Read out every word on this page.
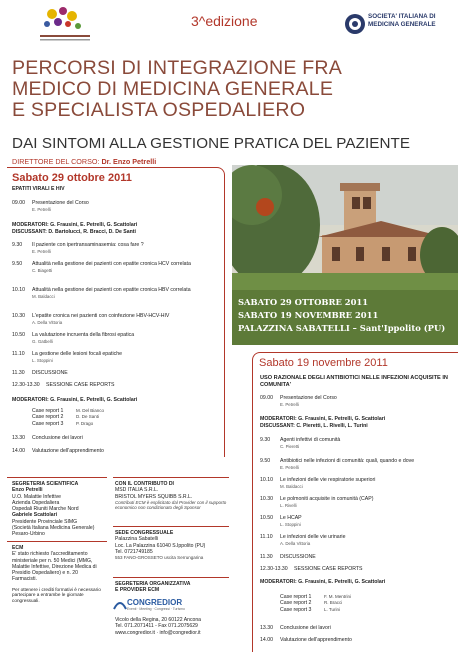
3^edizione	SOCIETA' ITALIANA DI MEDICINA GENERALE
PERCORSI DI INTEGRAZIONE FRA
MEDICO DI MEDICINA GENERALE
E SPECIALISTA OSPEDALIERO
DAI SINTOMI ALLA GESTIONE PRATICA DEL PAZIENTE
DIRETTORE DEL CORSO: Dr. Enzo Petrelli
Sabato 29 ottobre 2011
EPATITI VIRALI E HIV
09.00	Presentazione del Corso
E. Petrelli
MODERATORI: G. Frausini, E. Petrelli, G. Scattolari
DISCUSSANT: D. Bartolucci, R. Bracci, D. De Santi
9.30	Il paziente con ipertransaminasemia: cosa fare ?
E. Petrelli
9.50	Attualità nella gestione dei pazienti con epatite cronica HCV correlata
C. Biagetti
10.10	Attualità nella gestione dei pazienti con epatite cronica HBV correlata
M. Baldacci
10.30	L'epatite cronica nei pazienti con coinfezione HBV-HCV-HIV
A. Della Vittoria
10.50	La valutazione incruenta della fibrosi epatica
G. Gatbelli
11.10	La gestione delle lesioni focali epatiche
L. Stoppini
11.30	DISCUSSIONE
12.30-13.30	SESSIONE CASE REPORTS
MODERATORI: G. Frausini, E. Petrelli, G. Scattolari
Case report 1	M. Del Bianco
Case report 2	D. De Santi
Case report 3	P. Drago
13.30	Conclusione dei lavori
14.00	Valutazione dell'apprendimento
SABATO 29 OTTOBRE 2011
SABATO 19 NOVEMBRE 2011
PALAZZINA SABATELLI – Sant'Ippolito (PU)
Sabato 19 novembre 2011
USO RAZIONALE DEGLI ANTIBIOTICI NELLE INFEZIONI ACQUISITE IN COMUNITA'
09.00	Presentazione del Corso
E. Petrelli
MODERATORI: G. Frausini, E. Petrelli, G. Scattolari
DISCUSSANT: C. Pieretti, L. Rivelli, L. Turini
9.30	Agenti infettivi di comunità
C. Pieretti
9.50	Antibiotici nelle infezioni di comunità: quali, quando e dove
E. Petrelli
10.10	Le infezioni delle vie respiratorie superiori
M. Baldacci
10.30	Le polmoniti acquisite in comunità (CAP)
L. Rivelli
10.50	Le HCAP
L. Stoppini
11.10	Le infezioni delle vie urinarie
A. Della Vittoria
11.30	DISCUSSIONE
12.30-13.30	SESSIONE CASE REPORTS
MODERATORI: G. Frausini, E. Petrelli, G. Scattolari
Case report 1	F. M. Mentrini
Case report 2	R. Bracci
Case report 3	L. Turini
13.30	Conclusione dei lavori
14.00	Valutazione dell'apprendimento
SEGRETERIA SCIENTIFICA
Enzo Petrelli
U.O. Malattie Infettive
Azienda Ospedaliera
Ospedali Riuniti Marche Nord
Gabriele Scattolari
Presidente Provinciale SIMG
(Società Italiana Medicina Generale)
Pesaro-Urbino
ECM
E' stato richiesto l'accreditamento ministeriale per n. 50 Medici (MMG, Malattie Infettive, Direzione Medica di Presidio Ospedaliero) e n. 20 Farmacisti.
Per ottenere i crediti formativi è necessario partecipare a entrambe le giornate congressuali.
CON IL CONTRIBUTO DI
MSD ITALIA S.R.L.
BRISTOL MYERS SQUIBB S.R.L.
Contributi ECM è esplicitato dal Provider con il supporto economico non condizionato degli Sponsor
SEDE CONGRESSUALE
Palazzina Sabatelli
Loc. La Palazzina 61040 S.Ippolito (PU)
Tel. 0721749185
553 FANO-GROSSETO uscita Serrungarina
SEGRETERIA ORGANIZZATIVA
E PROVIDER ECM
CONGREDIOR
Eventi · Meeting · Congressi · Turismo
Vicolo della Regina, 20 60122 Ancona
Tel. 071.2071411 - Fax 071.2075629
www.congredior.it · info@congredior.it
